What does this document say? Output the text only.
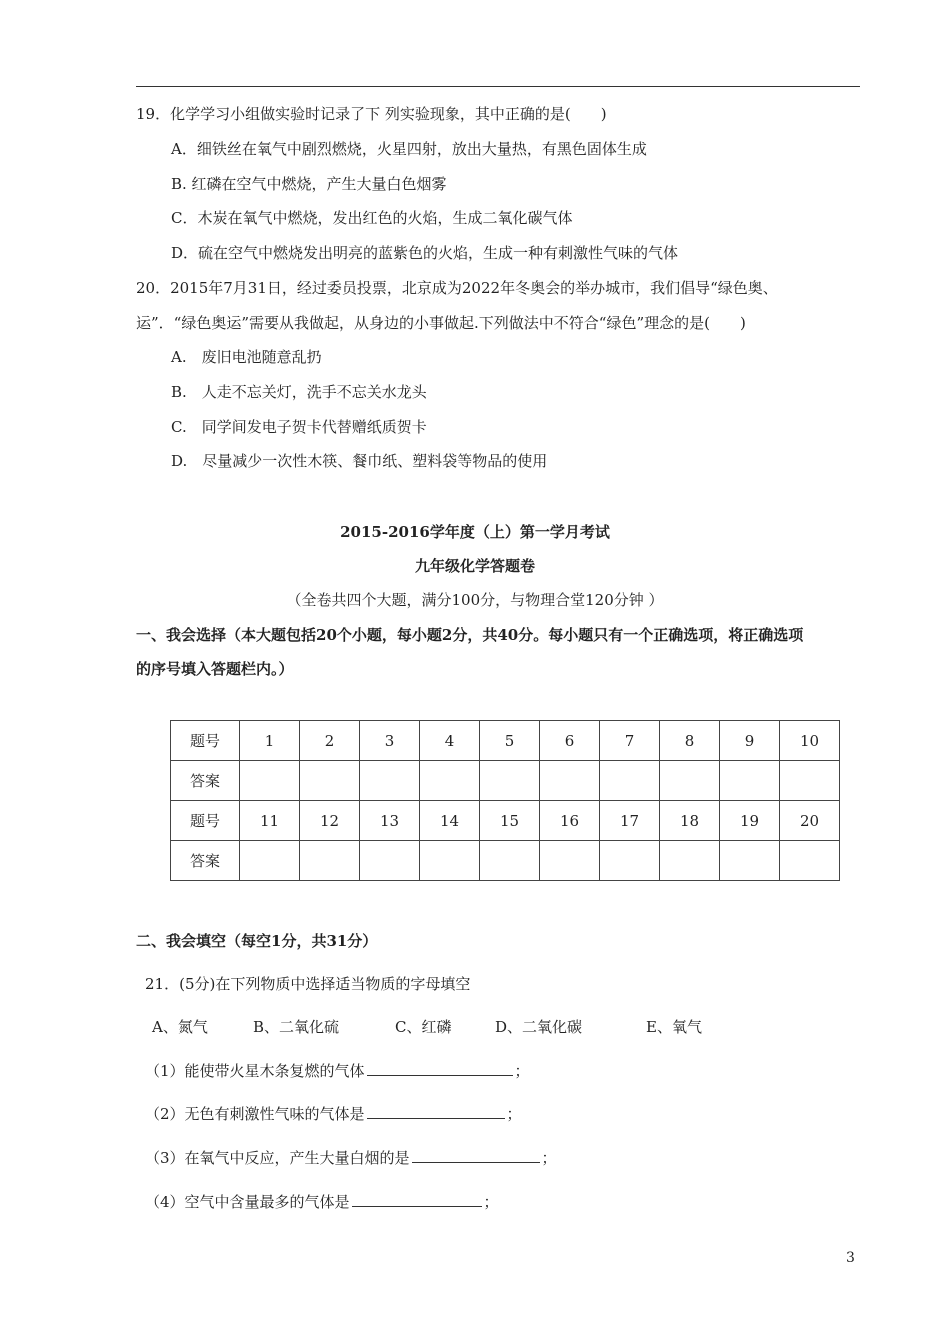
19．化学学习小组做实验时记录了下 列实验现象，其中正确的是(　　)
A．细铁丝在氧气中剧烈燃烧，火星四射，放出大量热，有黑色固体生成
B. 红磷在空气中燃烧，产生大量白色烟雾
C．木炭在氧气中燃烧，发出红色的火焰，生成二氧化碳气体
D．硫在空气中燃烧发出明亮的蓝紫色的火焰，生成一种有刺激性气味的气体
20．2015年7月31日，经过委员投票，北京成为2022年冬奥会的举办城市，我们倡导“绿色奥、
运”．“绿色奥运”需要从我做起，从身边的小事做起.下列做法中不符合“绿色”理念的是(　　)
A.　废旧电池随意乱扔
B.　人走不忘关灯，洗手不忘关水龙头
C.　同学间发电子贺卡代替赠纸质贺卡
D.　尽量减少一次性木筷、餐巾纸、塑料袋等物品的使用
2015-2016学年度（上）第一学月考试
九年级化学答题卷
（全卷共四个大题，满分100分，与物理合堂120分钟 ）
一、我会选择（本大题包括20个小题，每小题2分，共40分。每小题只有一个正确选项，将正确选项
的序号填入答题栏内。）
题号	1	2	3	4	5	6	7	8	9	10
答案										
题号	11	12	13	14	15	16	17	18	19	20
答案										
二、我会填空（每空1分，共31分）
21．(5分)在下列物质中选择适当物质的字母填空
A、氮气	B、二氧化硫	C、红磷	D、二氧化碳	E、氧气
（1）能使带火星木条复燃的气体	；
（2）无色有刺激性气味的气体是	；
（3）在氧气中反应，产生大量白烟的是	；
（4）空气中含量最多的气体是	；
3
